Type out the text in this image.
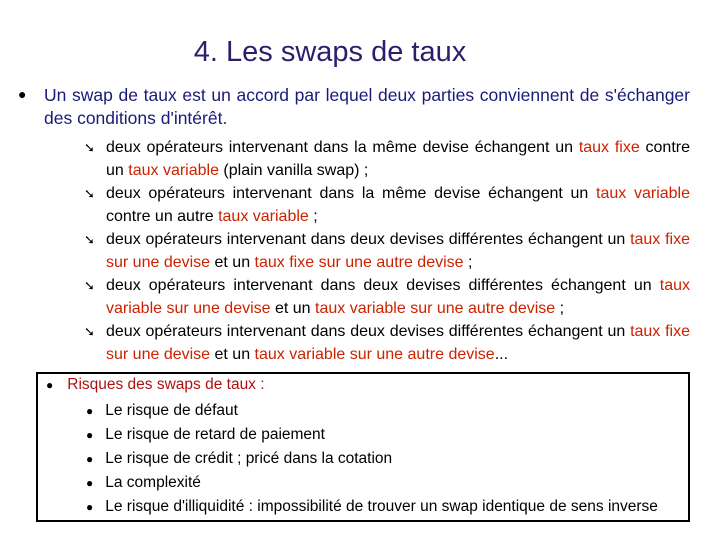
4. Les swaps de taux
● Un swap de taux est un accord par lequel deux parties conviennent de s'échanger des conditions d'intérêt.
➘ deux opérateurs intervenant dans la même devise échangent un taux fixe contre un taux variable (plain vanilla swap) ;
➘ deux opérateurs intervenant dans la même devise échangent un taux variable contre un autre taux variable ;
➘ deux opérateurs intervenant dans deux devises différentes échangent un taux fixe sur une devise et un taux fixe sur une autre devise ;
➘ deux opérateurs intervenant dans deux devises différentes échangent un taux variable sur une devise et un taux variable sur une autre devise ;
➘ deux opérateurs intervenant dans deux devises différentes échangent un taux fixe sur une devise et un taux variable sur une autre devise...
● Risques des swaps de taux :
● Le risque de défaut
● Le risque de retard de paiement
● Le risque de crédit ; pricé dans la cotation
● La complexité
● Le risque d'illiquidité : impossibilité de trouver un swap identique de sens inverse
